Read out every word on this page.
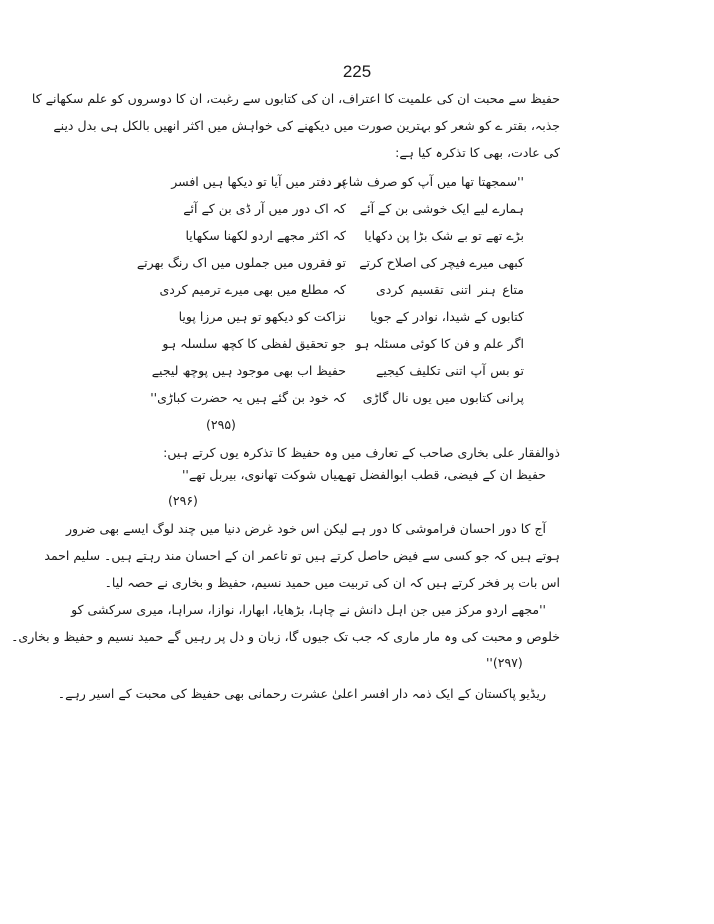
225
حفیظ سے محبت ان کی علمیت کا اعتراف، ان کی کتابوں سے رغبت، ان کا دوسروں کو علم سکھانے کا
جذبہ، بقتر ے کو شعر کو بہترین صورت میں دیکھنے کی خواہش میں اکثر انھیں بالکل ہی بدل دینے
کی عادت، بھی کا تذکرہ کیا ہے:
''سمجھتا تھا میں آپ کو صرف شاعر
پر دفتر میں آیا تو دیکھا ہیں افسر
ہمارے لیے ایک خوشی بن کے آئے
کہ اک دور میں آر ڈی بن کے آئے
بڑے تھے تو بے شک بڑا پن دکھایا
کہ اکثر مجھے اردو لکھنا سکھایا
کبھی میرے فیچر کی اصلاح کرتے
تو فقروں میں جملوں میں اک رنگ بھرتے
متاع ہنر اتنی تقسیم کردی
کہ مطلع میں بھی میرے ترمیم کردی
کتابوں کے شیدا، نوادر کے جویا
نزاکت کو دیکھو تو ہیں مرزا پویا
اگر علم و فن کا کوئی مسئلہ ہو
جو تحقیق لفظی کا کچھ سلسلہ ہو
تو بس آپ اتنی تکلیف کیجیے
حفیظ اب بھی موجود ہیں پوچھ لیجیے
پرانی کتابوں میں یوں نال گاڑی
کہ خود بن گئے ہیں یہ حضرت کباڑی''
(۲۹۵)
ذوالفقار علی بخاری صاحب کے تعارف میں وہ حفیظ کا تذکرہ یوں کرتے ہیں:
حفیظ ان کے فیضی، قطب ابوالفضل تھے
میاں شوکت تھانوی، بیربل تھے''
(۲۹۶)
آج کا دور احسان فراموشی کا دور ہے لیکن اس خود غرض دنیا میں چند لوگ ایسے بھی ضرور
ہوتے ہیں کہ جو کسی سے فیض حاصل کرتے ہیں تو تاعمر ان کے احسان مند رہتے ہیں۔ سلیم احمد
اس بات پر فخر کرتے ہیں کہ ان کی تربیت میں حمید نسیم، حفیظ و بخاری نے حصہ لیا۔
''مجھے اردو مرکز میں جن اہل دانش نے چاہا، بڑھایا، ابھارا، نوازا، سراہا، میری سرکشی کو
خلوص و محبت کی وہ مار ماری کہ جب تک جیوں گا، زبان و دل پر رہیں گے حمید نسیم و حفیظ و بخاری۔
(۲۹۷)''
ریڈیو پاکستان کے ایک ذمہ دار افسر اعلیٰ عشرت رحمانی بھی حفیظ کی محبت کے اسیر رہے۔
